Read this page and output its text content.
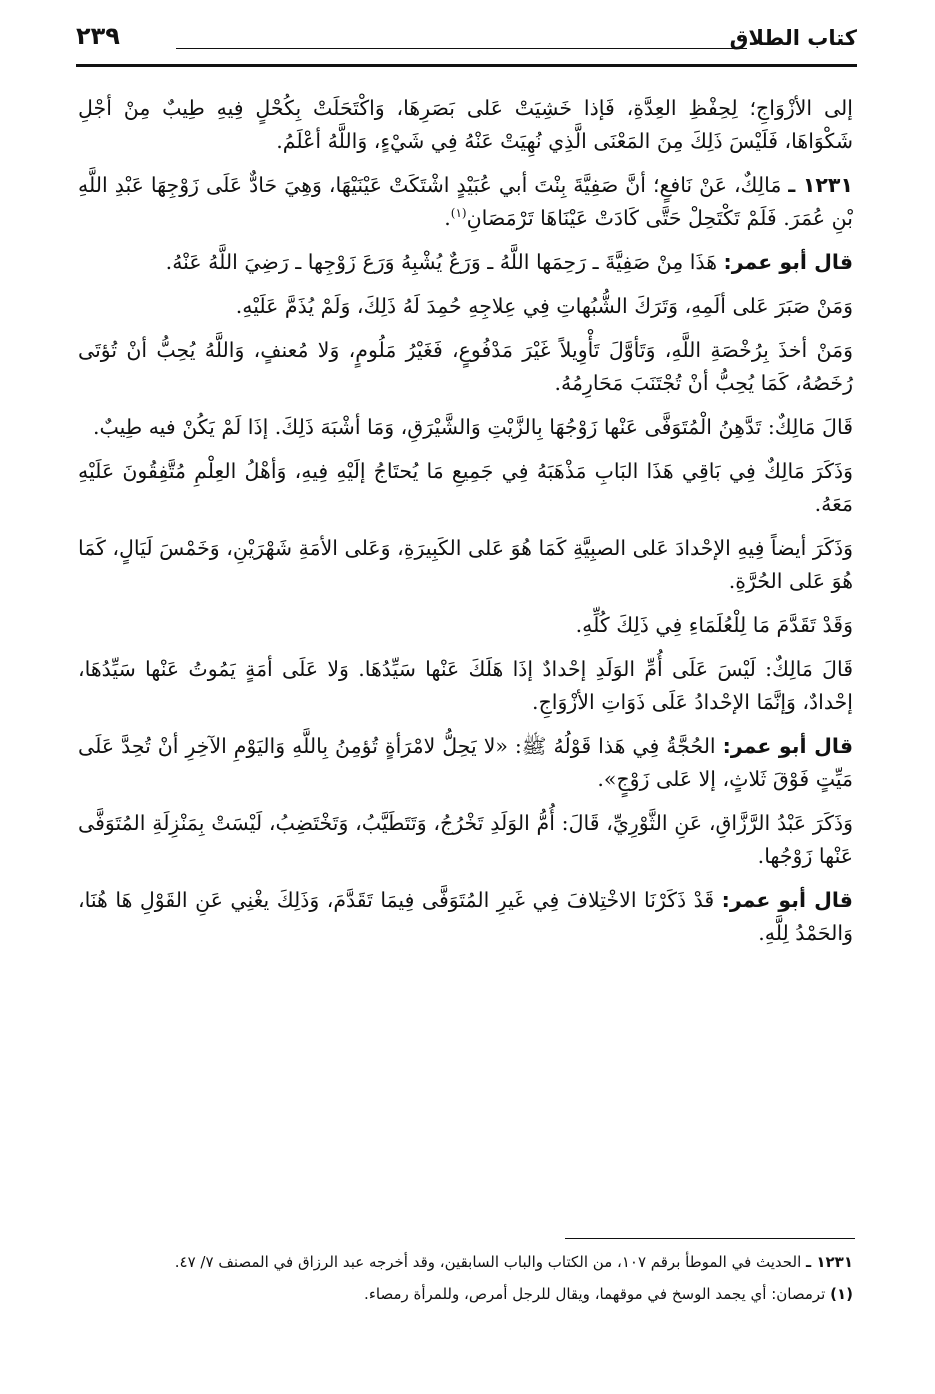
كتاب الطلاق
٢٣٩

إلى الأزْوَاجِ؛ لِحِفْظِ العِدَّةِ، فَإذا خَشِيَتْ عَلى بَصَرِهَا، وَاكْتَحَلَتْ بِكُحْلٍ فِيهِ طِيبٌ مِنْ أجْلِ شَكْوَاهَا، فَلَيْسَ ذَلِكَ مِنَ المَعْنَى الَّذِي نُهِيَتْ عَنْهُ فِي شَيْءٍ، وَاللَّهُ أعْلَمُ.

١٢٣١ ـ مَالِكٌ، عَنْ نَافعٍ؛ أنَّ صَفِيَّةَ بِنْتَ أبي عُبَيْدٍ اشْتَكَتْ عَيْنَيْهَا، وَهِيَ حَادٌّ عَلَى زَوْجِهَا عَبْدِ اللَّهِ بْنِ عُمَرَ. فَلَمْ تَكْتَحِلْ حَتَّى كَادَتْ عَيْنَاهَا تَرْمَصَانِ$^{(١)}$.

قال أبو عمر: هَذَا مِنْ صَفِيَّةَ ـ رَحِمَها اللَّهُ ـ وَرَعٌ يُشْبِهُ وَرَعَ زَوْجِها ـ رَضِيَ اللَّهُ عَنْهُ.

وَمَنْ صَبَرَ عَلى ألَمِهِ، وَتَرَكَ الشُّبُهاتِ فِي عِلاجِهِ حُمِدَ لَهُ ذَلِكَ، وَلَمْ يُذَمَّ عَلَيْهِ.

وَمَنْ أخذَ بِرُخْصَةِ اللَّهِ، وَتَأوَّلَ تَأْوِيلاً غَيْرَ مَدْفُوعٍ، فَغَيْرُ مَلُومٍ، وَلا مُعنفٍ، وَاللَّهُ يُحِبُّ أنْ تُؤتَى رُخَصُهُ، كَمَا يُحِبُّ أنْ تُجْتَنَبَ مَحَارِمُهُ.

قَالَ مَالِكٌ: تَدَّهِنُ الْمُتَوَفَّى عَنْها زَوْجُهَا بِالزَّيْتِ وَالشَّيْرَقِ، وَمَا أشْبَهَ ذَلِكَ. إذَا لَمْ يَكُنْ فيه طِيبٌ.

وَذَكَرَ مَالِكٌ فِي بَاقِي هَذَا البَابِ مَذْهَبَهُ فِي جَمِيعِ مَا يُحتَاجُ إلَيْهِ فِيهِ، وَأهْلُ العِلْمِ مُتَّفِقُونَ عَلَيْهِ مَعَهُ.

وَذَكَرَ أيضاً فِيهِ الإحْدادَ عَلى الصبِيَّةِ كَمَا هُوَ عَلى الكَبِيرَةِ، وَعَلى الأمَةِ شَهْرَيْنِ، وَخَمْسَ لَيَالٍ، كَمَا هُوَ عَلى الحُرَّةِ.

وَقَدْ تَقَدَّمَ مَا لِلْعُلَمَاءِ فِي ذَلِكَ كُلِّهِ.

قَالَ مَالِكٌ: لَيْسَ عَلَى أُمِّ الوَلَدِ إحْدادٌ إذَا هَلَكَ عَنْها سَيِّدُهَا. وَلا عَلَى أمَةٍ يَمُوتُ عَنْها سَيِّدُهَا، إحْدادٌ، وَإنَّمَا الإحْدادُ عَلَى ذَوَاتِ الأزْوَاجِ.

قال أبو عمر: الحُجَّةُ فِي هَذا قَوْلُهُ ﷺ: «لا يَحِلُّ لامْرَأةٍ تُؤمِنُ بِاللَّهِ وَاليَوْمِ الآخِرِ أنْ تُحِدَّ عَلَى مَيِّتٍ فَوْقَ ثَلاثٍ، إلا عَلى زَوْجٍ».

وَذَكَرَ عَبْدُ الرَّزَّاقِ، عَنِ الثَّوْرِيِّ، قَالَ: أُمُّ الوَلَدِ تَخْرُجُ، وَتَتَطَيَّبُ، وَتَخْتَضِبُ، لَيْسَتْ بِمَنْزِلَةِ المُتَوَفَّى عَنْها زَوْجُها.

قال أبو عمر: قَدْ ذَكَرْنَا الاخْتِلافَ فِي غَيرِ المُتَوَفَّى فِيمَا تَقَدَّمَ، وَذَلِكَ يغْنِي عَنِ القَوْلِ هَا هُنَا، وَالحَمْدُ لِلَّهِ.

١٢٣١ ـ الحديث في الموطأ برقم ١٠٧، من الكتاب والباب السابقين، وقد أخرجه عبد الرزاق في المصنف ٧/ ٤٧.

(١) ترمصان: أي يجمد الوسخ في موقهما، ويقال للرجل أمرص، وللمرأة رمصاء.
